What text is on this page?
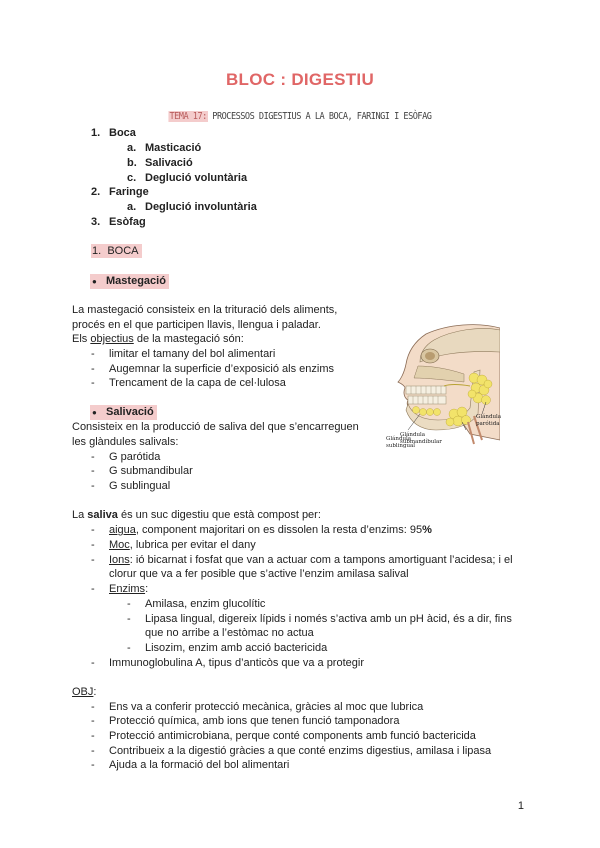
BLOC : DIGESTIU
TEMA 17: PROCESSOS DIGESTIUS A LA BOCA, FARINGI I ESÒFAG
1. Boca
a. Masticació
b. Salivació
c. Deglució voluntària
2. Faringe
a. Deglució involuntària
3. Esòfag
1. BOCA
● Mastegació
La mastegació consisteix en la trituració dels aliments,
procés en el que participen llavis, llengua i paladar.
Els objectius de la mastegació són:
- limitar el tamany del bol alimentari
- Augemnar la superficie d’exposició als enzims
- Trencament de la capa de cel·lulosa
● Salivació
Consisteix en la producció de saliva del que s’encarreguen
les glàndules salivals:
- G parótida
- G submandibular
- G sublingual
Glándula
parótida
Glándula
submandíbular
Glándula
sublingual
La saliva és un suc digestiu que està compost per:
- aigua, component majoritari on es dissolen la resta d’enzims: 95%
- Moc, lubrica per evitar el dany
- Ions: ió bicarnat i fosfat que van a actuar com a tampons amortiguant l’acidesa; i el
clorur que va a fer posible que s’active l’enzim amilasa salival
- Enzims:
- Amilasa, enzim glucolític
- Lipasa lingual, digereix lípids i només s’activa amb un pH àcid, és a dir, fins
que no arribe a l’estòmac no actua
- Lisozim, enzim amb acció bactericida
- Immunoglobulina A, tipus d’anticòs que va a protegir
OBJ:
- Ens va a conferir protecció mecànica, gràcies al moc que lubrica
- Protecció química, amb ions que tenen funció tamponadora
- Protecció antimicrobiana, perque conté components amb funció bactericida
- Contribueix a la digestió gràcies a que conté enzims digestius, amilasa i lipasa
- Ajuda a la formació del bol alimentari
1
